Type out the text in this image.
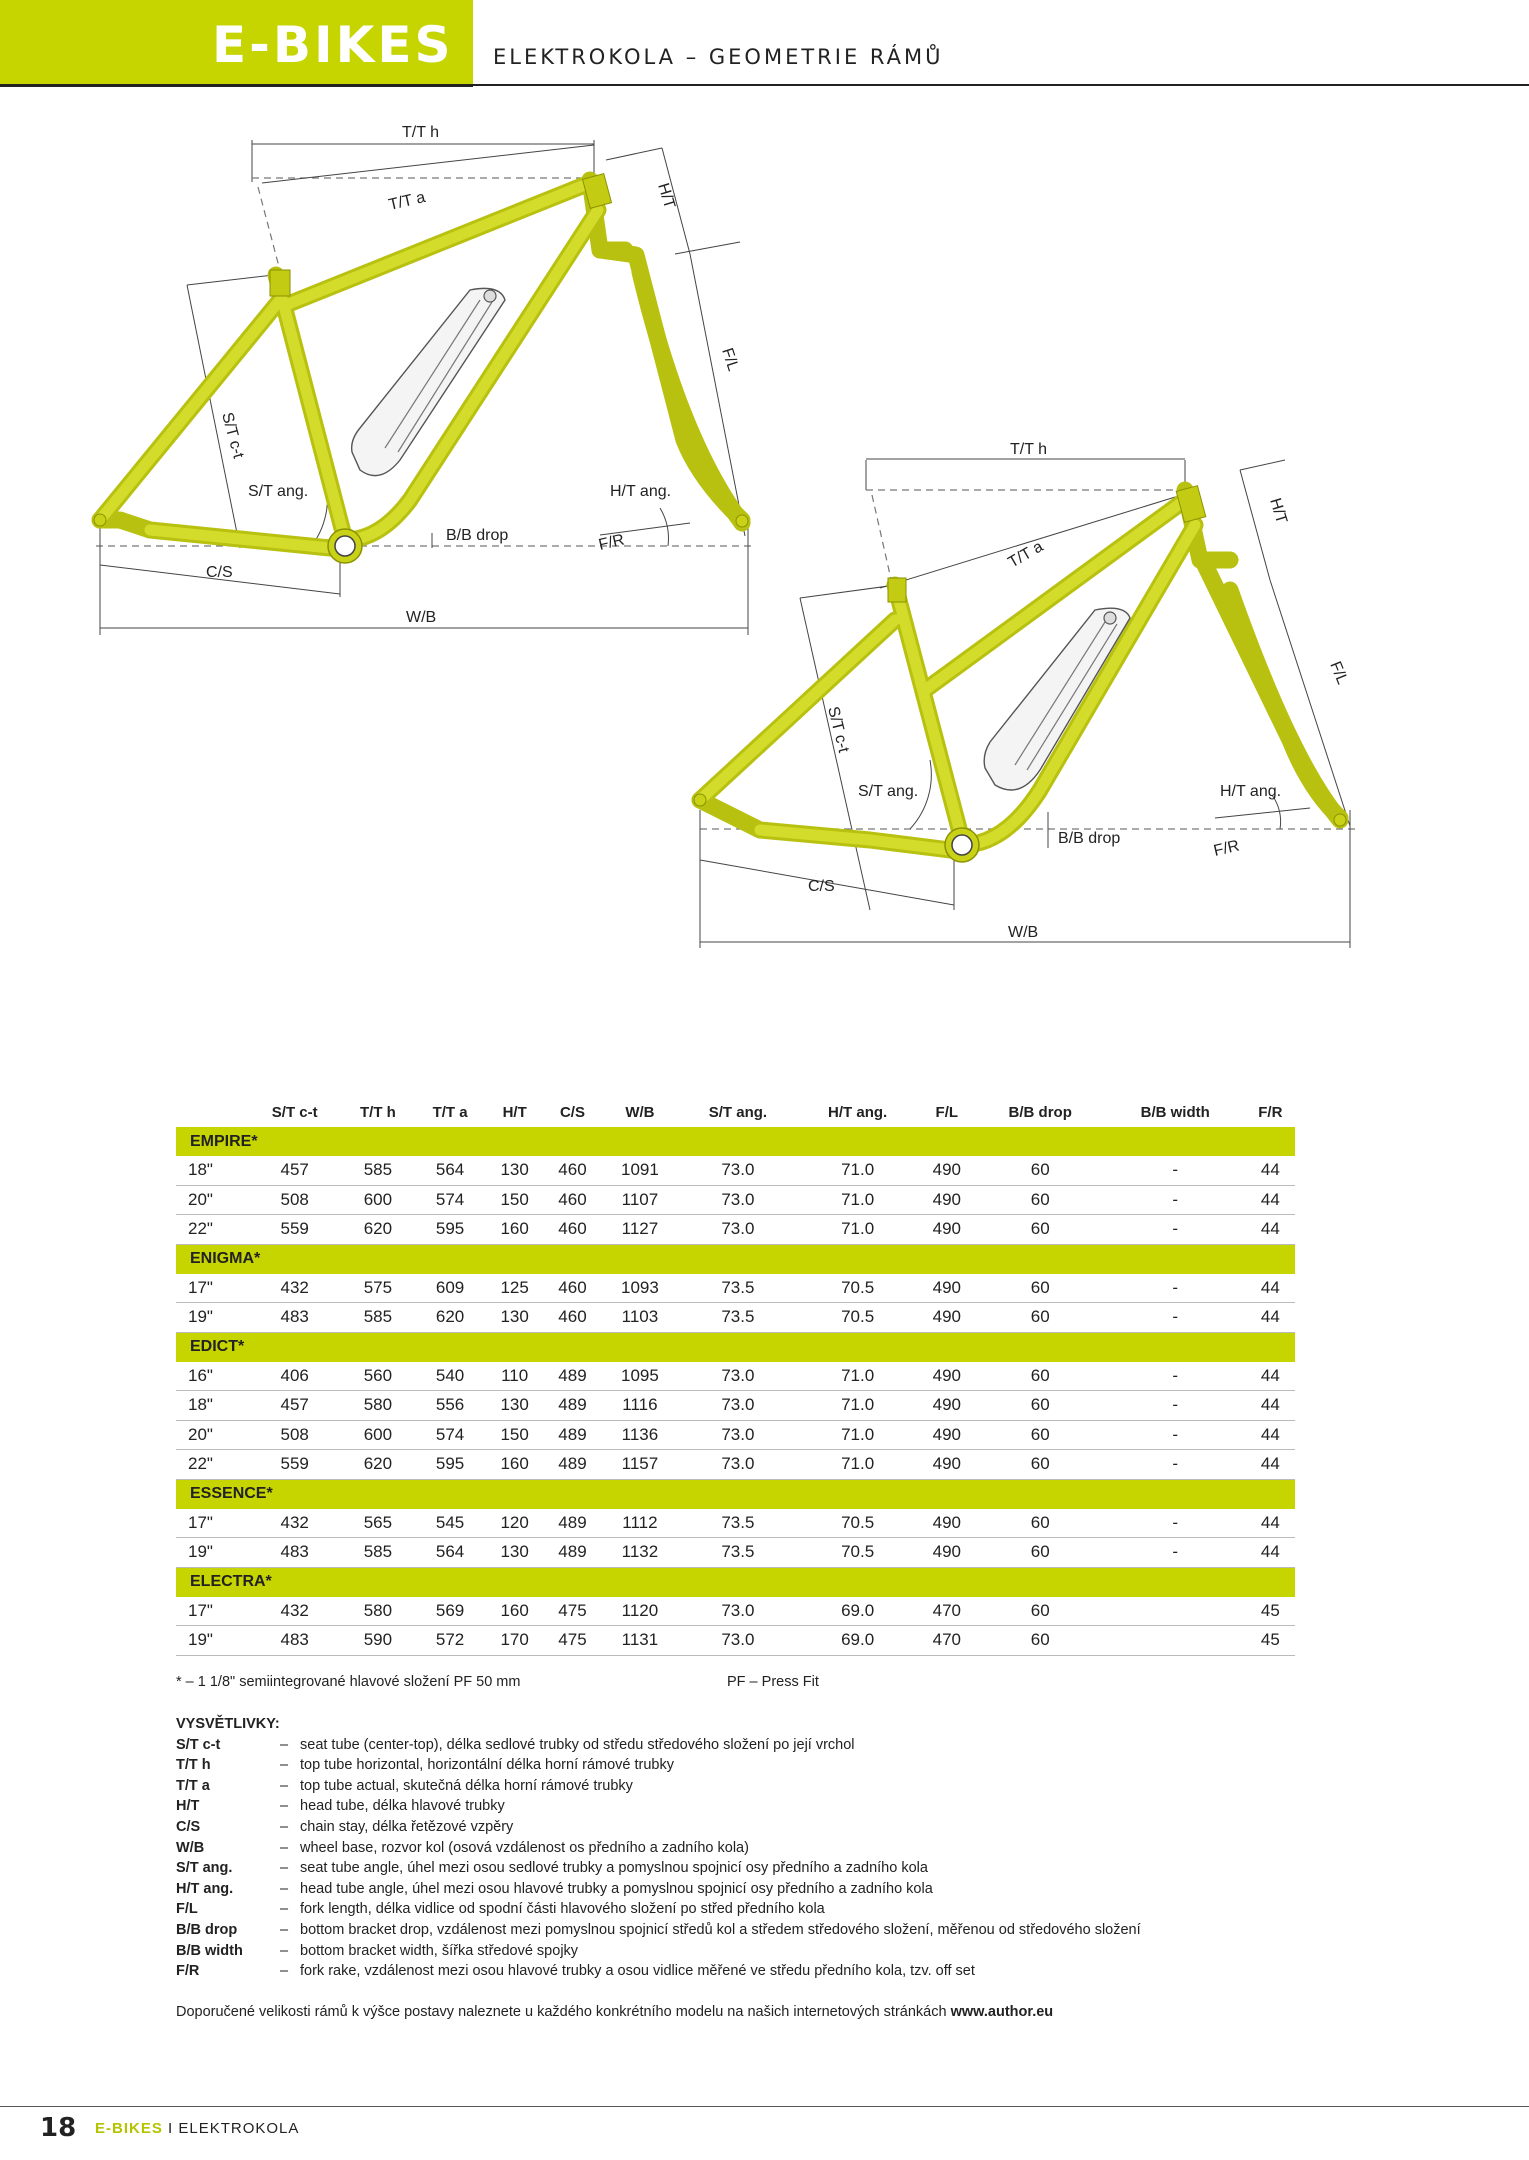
E-BIKES ELEKTROKOLA – GEOMETRIE RÁMŮ
T/T h
T/T a	H/T
F/L
S/T c-t
S/T ang.	H/T ang.
B/B drop	F/R
C/S
W/B
T/T h
T/T a
H/T
F/L
S/T c-t
S/T ang.	H/T ang.
B/B drop	F/R
C/S
W/B
	S/T c-t	T/T h	T/T a	H/T	C/S	W/B	S/T ang.	H/T ang.	F/L	B/B drop	B/B width	F/R
EMPIRE*												
18"	457	585	564	130	460	1091	73.0	71.0	490	60	-	44
20"	508	600	574	150	460	1107	73.0	71.0	490	60	-	44
22"	559	620	595	160	460	1127	73.0	71.0	490	60	-	44
ENIGMA*												
17"	432	575	609	125	460	1093	73.5	70.5	490	60	-	44
19"	483	585	620	130	460	1103	73.5	70.5	490	60	-	44
EDICT*												
16"	406	560	540	110	489	1095	73.0	71.0	490	60	-	44
18"	457	580	556	130	489	1116	73.0	71.0	490	60	-	44
20"	508	600	574	150	489	1136	73.0	71.0	490	60	-	44
22"	559	620	595	160	489	1157	73.0	71.0	490	60	-	44
ESSENCE*												
17"	432	565	545	120	489	1112	73.5	70.5	490	60	-	44
19"	483	585	564	130	489	1132	73.5	70.5	490	60	-	44
ELECTRA*												
17"	432	580	569	160	475	1120	73.0	69.0	470	60		45
19"	483	590	572	170	475	1131	73.0	69.0	470	60		45
* – 1 1/8" semiintegrované hlavové složení PF 50 mm	PF – Press Fit
VYSVĚTLIVKY:
S/T c-t	– seat tube (center-top), délka sedlové trubky od středu středového složení po její vrchol
T/T h	– top tube horizontal, horizontální délka horní rámové trubky
T/T a	– top tube actual, skutečná délka horní rámové trubky
H/T	– head tube, délka hlavové trubky
C/S	– chain stay, délka řetězové vzpěry
W/B	– wheel base, rozvor kol (osová vzdálenost os předního a zadního kola)
S/T ang.	– seat tube angle, úhel mezi osou sedlové trubky a pomyslnou spojnicí osy předního a zadního kola
H/T ang.	– head tube angle, úhel mezi osou hlavové trubky a pomyslnou spojnicí osy předního a zadního kola
F/L	– fork length, délka vidlice od spodní části hlavového složení po střed předního kola
B/B drop	– bottom bracket drop, vzdálenost mezi pomyslnou spojnicí středů kol a středem středového složení, měřenou od středového složení
B/B width	– bottom bracket width, šířka středové spojky
F/R	– fork rake, vzdálenost mezi osou hlavové trubky a osou vidlice měřené ve středu předního kola, tzv. off set
Doporučené velikosti rámů k výšce postavy naleznete u každého konkrétního modelu na našich internetových stránkách www.author.eu
18 E-BIKES I ELEKTROKOLA
